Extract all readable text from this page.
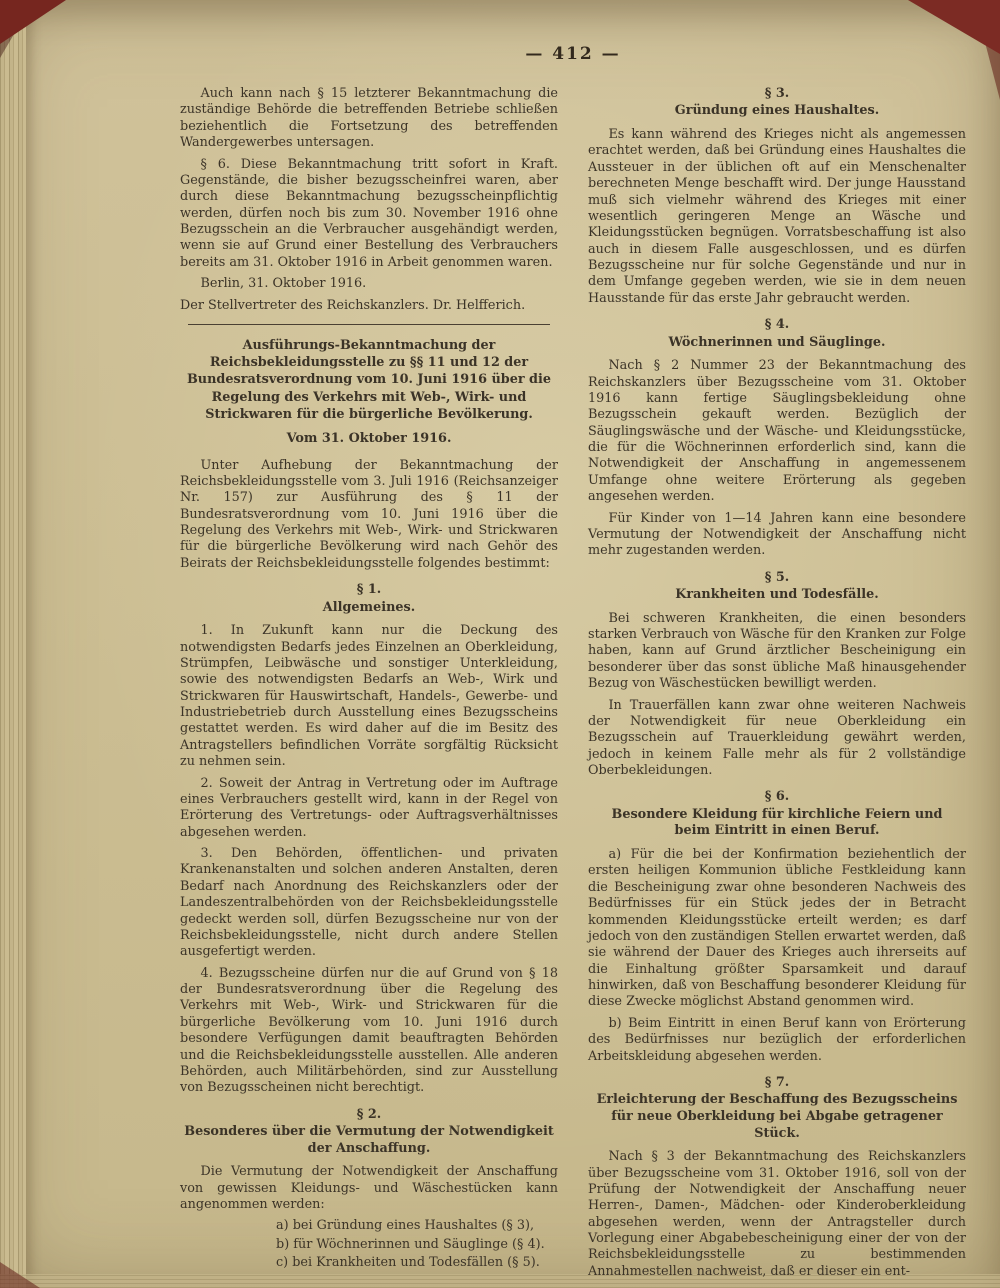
— 412 —

Auch kann nach § 15 letzterer Bekanntmachung die zuständige Behörde die betreffenden Betriebe schließen beziehentlich die Fortsetzung des betreffenden Wandergewerbes untersagen.

§ 6. Diese Bekanntmachung tritt sofort in Kraft. Gegenstände, die bisher bezugsscheinfrei waren, aber durch diese Bekanntmachung bezugsscheinpflichtig werden, dürfen noch bis zum 30. November 1916 ohne Bezugsschein an die Verbraucher ausgehändigt werden, wenn sie auf Grund einer Bestellung des Verbrauchers bereits am 31. Oktober 1916 in Arbeit genommen waren.

Berlin, 31. Oktober 1916.

Der Stellvertreter des Reichskanzlers. Dr. Helfferich.

Ausführungs-Bekanntmachung der Reichsbekleidungsstelle zu §§ 11 und 12 der Bundesratsverordnung vom 10. Juni 1916 über die Regelung des Verkehrs mit Web-, Wirk- und Strickwaren für die bürgerliche Bevölkerung.
Vom 31. Oktober 1916.

Unter Aufhebung der Bekanntmachung der Reichsbekleidungsstelle vom 3. Juli 1916 (Reichsanzeiger Nr. 157) zur Ausführung des § 11 der Bundesratsverordnung vom 10. Juni 1916 über die Regelung des Verkehrs mit Web-, Wirk- und Strickwaren für die bürgerliche Bevölkerung wird nach Gehör des Beirats der Reichsbekleidungsstelle folgendes bestimmt:

§ 1.
Allgemeines.

1. In Zukunft kann nur die Deckung des notwendigsten Bedarfs jedes Einzelnen an Oberkleidung, Strümpfen, Leibwäsche und sonstiger Unterkleidung, sowie des notwendigsten Bedarfs an Web-, Wirk und Strickwaren für Hauswirtschaft, Handels-, Gewerbe- und Industriebetrieb durch Ausstellung eines Bezugsscheins gestattet werden. Es wird daher auf die im Besitz des Antragstellers befindlichen Vorräte sorgfältig Rücksicht zu nehmen sein.

2. Soweit der Antrag in Vertretung oder im Auftrage eines Verbrauchers gestellt wird, kann in der Regel von Erörterung des Vertretungs- oder Auftragsverhältnisses abgesehen werden.

3. Den Behörden, öffentlichen- und privaten Krankenanstalten und solchen anderen Anstalten, deren Bedarf nach Anordnung des Reichskanzlers oder der Landeszentralbehörden von der Reichsbekleidungsstelle gedeckt werden soll, dürfen Bezugsscheine nur von der Reichsbekleidungsstelle, nicht durch andere Stellen ausgefertigt werden.

4. Bezugsscheine dürfen nur die auf Grund von § 18 der Bundesratsverordnung über die Regelung des Verkehrs mit Web-, Wirk- und Strickwaren für die bürgerliche Bevölkerung vom 10. Juni 1916 durch besondere Verfügungen damit beauftragten Behörden und die Reichsbekleidungsstelle ausstellen. Alle anderen Behörden, auch Militärbehörden, sind zur Ausstellung von Bezugsscheinen nicht berechtigt.

§ 2.
Besonderes über die Vermutung der Notwendigkeit der Anschaffung.

Die Vermutung der Notwendigkeit der Anschaffung von gewissen Kleidungs- und Wäschestücken kann angenommen werden:

a) bei Gründung eines Haushaltes (§ 3),

b) für Wöchnerinnen und Säuglinge (§ 4).

c) bei Krankheiten und Todesfällen (§ 5).

§ 3.
Gründung eines Haushaltes.

Es kann während des Krieges nicht als angemessen erachtet werden, daß bei Gründung eines Haushaltes die Aussteuer in der üblichen oft auf ein Menschenalter berechneten Menge beschafft wird. Der junge Hausstand muß sich vielmehr während des Krieges mit einer wesentlich geringeren Menge an Wäsche und Kleidungsstücken begnügen. Vorratsbeschaffung ist also auch in diesem Falle ausgeschlossen, und es dürfen Bezugsscheine nur für solche Gegenstände und nur in dem Umfange gegeben werden, wie sie in dem neuen Hausstande für das erste Jahr gebraucht werden.

§ 4.
Wöchnerinnen und Säuglinge.

Nach § 2 Nummer 23 der Bekanntmachung des Reichskanzlers über Bezugsscheine vom 31. Oktober 1916 kann fertige Säuglingsbekleidung ohne Bezugsschein gekauft werden. Bezüglich der Säuglingswäsche und der Wäsche- und Kleidungsstücke, die für die Wöchnerinnen erforderlich sind, kann die Notwendigkeit der Anschaffung in angemessenem Umfange ohne weitere Erörterung als gegeben angesehen werden.

Für Kinder von 1—14 Jahren kann eine besondere Vermutung der Notwendigkeit der Anschaffung nicht mehr zugestanden werden.

§ 5.
Krankheiten und Todesfälle.

Bei schweren Krankheiten, die einen besonders starken Verbrauch von Wäsche für den Kranken zur Folge haben, kann auf Grund ärztlicher Bescheinigung ein besonderer über das sonst übliche Maß hinausgehender Bezug von Wäschestücken bewilligt werden.

In Trauerfällen kann zwar ohne weiteren Nachweis der Notwendigkeit für neue Oberkleidung ein Bezugsschein auf Trauerkleidung gewährt werden, jedoch in keinem Falle mehr als für 2 vollständige Oberbekleidungen.

§ 6.
Besondere Kleidung für kirchliche Feiern und beim Eintritt in einen Beruf.

a) Für die bei der Konfirmation beziehentlich der ersten heiligen Kommunion übliche Festkleidung kann die Bescheinigung zwar ohne besonderen Nachweis des Bedürfnisses für ein Stück jedes der in Betracht kommenden Kleidungsstücke erteilt werden; es darf jedoch von den zuständigen Stellen erwartet werden, daß sie während der Dauer des Krieges auch ihrerseits auf die Einhaltung größter Sparsamkeit und darauf hinwirken, daß von Beschaffung besonderer Kleidung für diese Zwecke möglichst Abstand genommen wird.

b) Beim Eintritt in einen Beruf kann von Erörterung des Bedürfnisses nur bezüglich der erforderlichen Arbeitskleidung abgesehen werden.

§ 7.
Erleichterung der Beschaffung des Bezugsscheins für neue Oberkleidung bei Abgabe getragener Stück.

Nach § 3 der Bekanntmachung des Reichskanzlers über Bezugsscheine vom 31. Oktober 1916, soll von der Prüfung der Notwendigkeit der Anschaffung neuer Herren-, Damen-, Mädchen- oder Kinderoberkleidung abgesehen werden, wenn der Antragsteller durch Vorlegung einer Abgabebescheinigung einer der von der Reichsbekleidungsstelle zu bestimmenden Annahmestellen nachweist, daß er dieser ein ent-
